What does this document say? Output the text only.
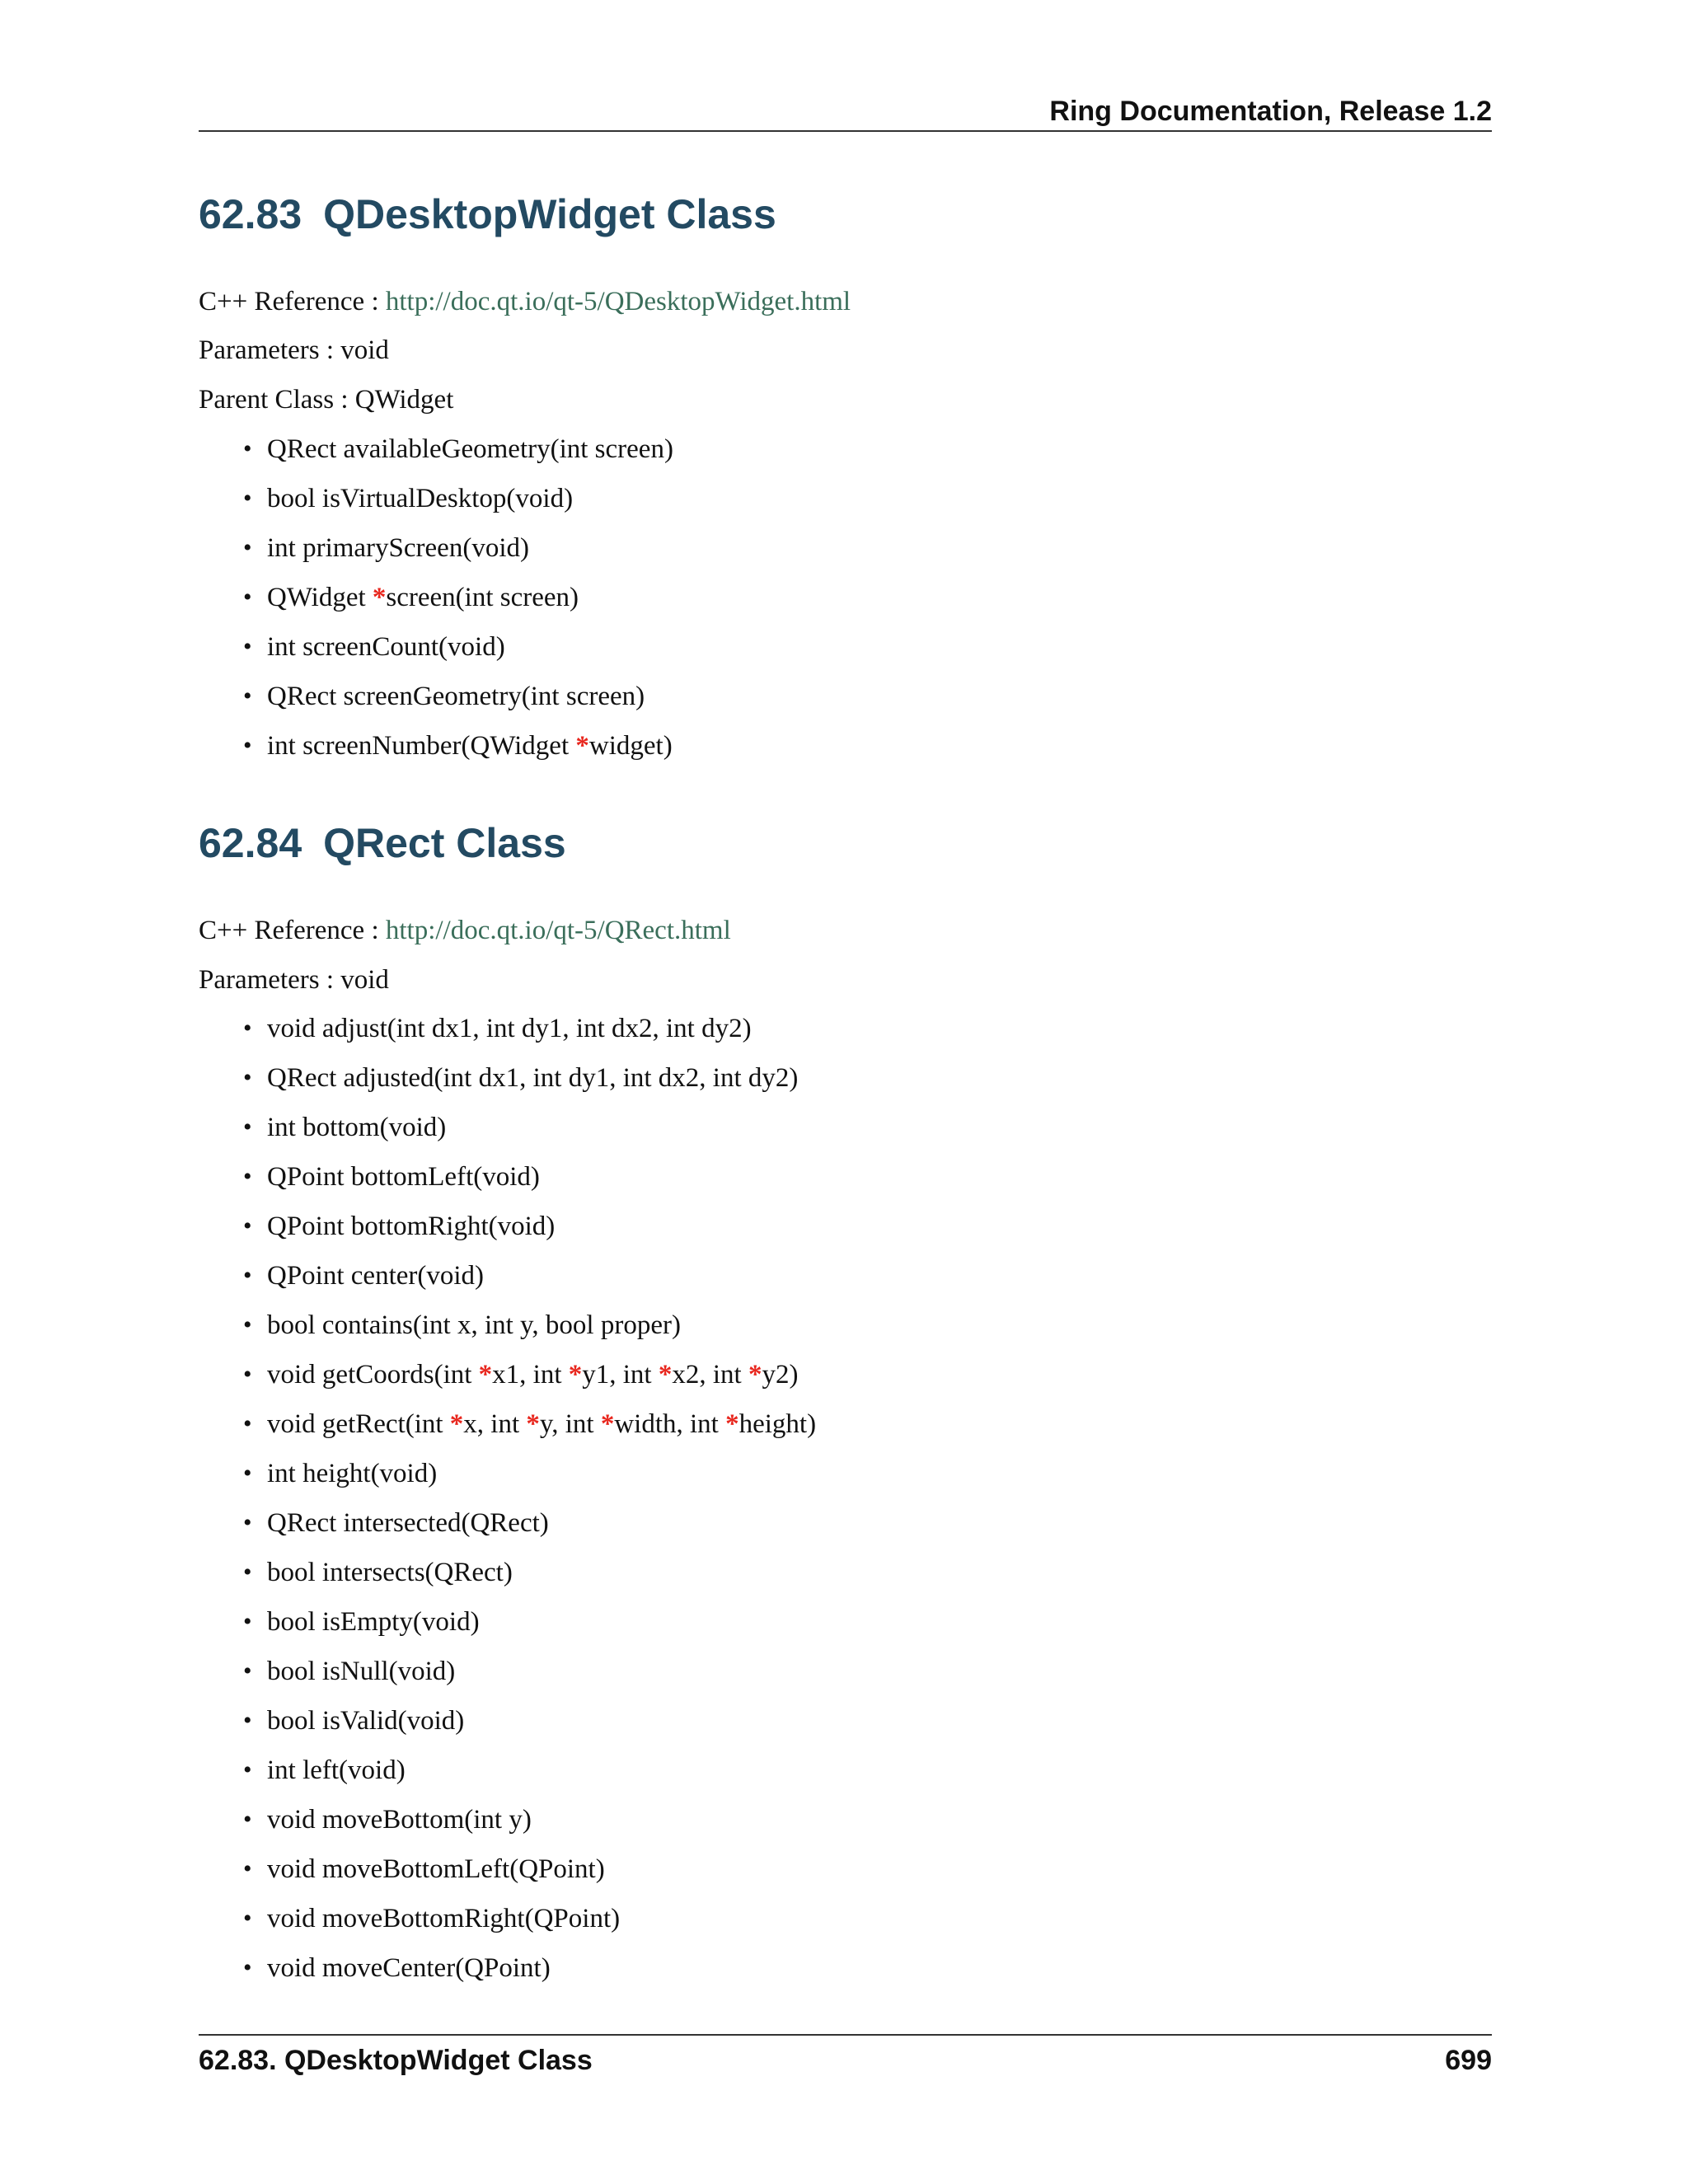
Ring Documentation, Release 1.2
62.83 QDesktopWidget Class
C++ Reference : http://doc.qt.io/qt-5/QDesktopWidget.html
Parameters : void
Parent Class : QWidget
• QRect availableGeometry(int screen)
• bool isVirtualDesktop(void)
• int primaryScreen(void)
• QWidget *screen(int screen)
• int screenCount(void)
• QRect screenGeometry(int screen)
• int screenNumber(QWidget *widget)
62.84 QRect Class
C++ Reference : http://doc.qt.io/qt-5/QRect.html
Parameters : void
• void adjust(int dx1, int dy1, int dx2, int dy2)
• QRect adjusted(int dx1, int dy1, int dx2, int dy2)
• int bottom(void)
• QPoint bottomLeft(void)
• QPoint bottomRight(void)
• QPoint center(void)
• bool contains(int x, int y, bool proper)
• void getCoords(int *x1, int *y1, int *x2, int *y2)
• void getRect(int *x, int *y, int *width, int *height)
• int height(void)
• QRect intersected(QRect)
• bool intersects(QRect)
• bool isEmpty(void)
• bool isNull(void)
• bool isValid(void)
• int left(void)
• void moveBottom(int y)
• void moveBottomLeft(QPoint)
• void moveBottomRight(QPoint)
• void moveCenter(QPoint)
62.83. QDesktopWidget Class	699
